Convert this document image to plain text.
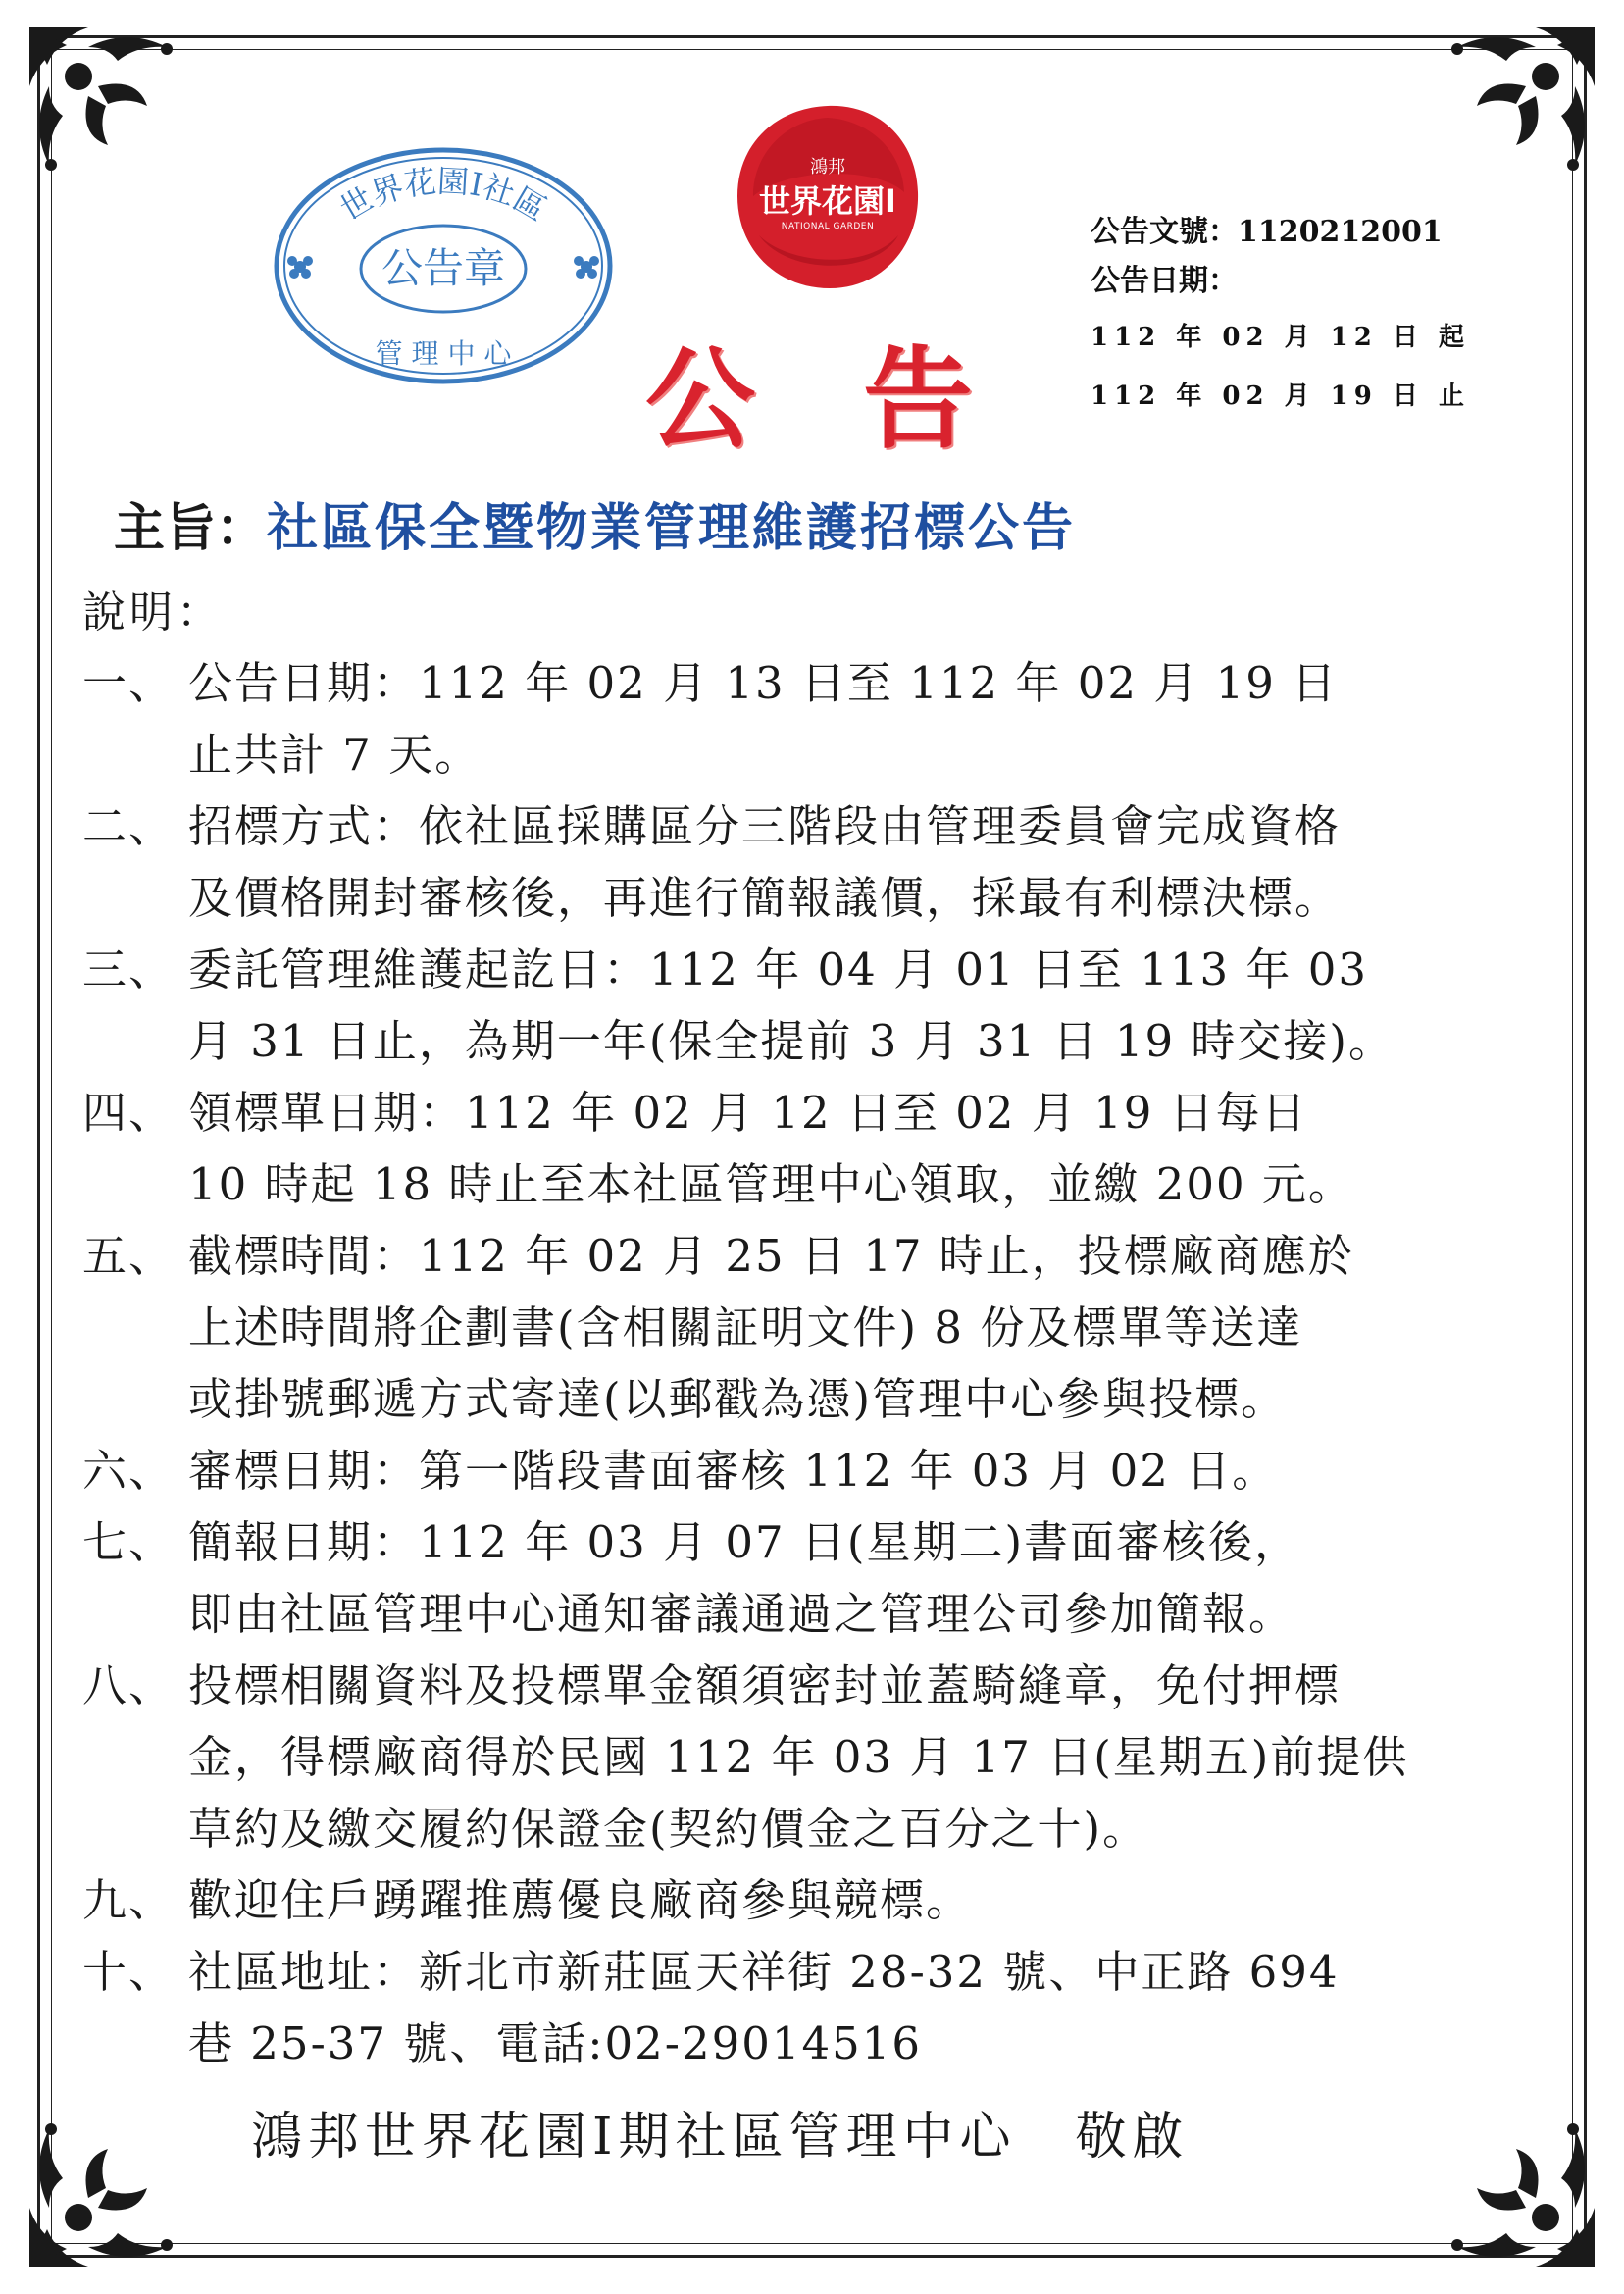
世界花園Ⅰ社區
公告章
管 理 中 心
鴻邦
世界花園Ⅰ
NATIONAL GARDEN
公告
公告文號：1120212001
公告日期：
112 年 02 月 12 日 起
112 年 02 月 19 日 止
主旨：社區保全暨物業管理維護招標公告
說明：
一、 公告日期：112 年 02 月 13 日至 112 年 02 月 19 日
止共計 7 天。
二、 招標方式：依社區採購區分三階段由管理委員會完成資格
及價格開封審核後，再進行簡報議價，採最有利標決標。
三、 委託管理維護起訖日：112 年 04 月 01 日至 113 年 03
月 31 日止，為期一年(保全提前 3 月 31 日 19 時交接)。
四、 領標單日期：112 年 02 月 12 日至 02 月 19 日每日
10 時起 18 時止至本社區管理中心領取，並繳 200 元。
五、 截標時間：112 年 02 月 25 日 17 時止，投標廠商應於
上述時間將企劃書(含相關証明文件) 8 份及標單等送達
或掛號郵遞方式寄達(以郵戳為憑)管理中心參與投標。
六、 審標日期：第一階段書面審核 112 年 03 月 02 日。
七、 簡報日期：112 年 03 月 07 日(星期二)書面審核後，
即由社區管理中心通知審議通過之管理公司參加簡報。
八、 投標相關資料及投標單金額須密封並蓋騎縫章，免付押標
金，得標廠商得於民國 112 年 03 月 17 日(星期五)前提供
草約及繳交履約保證金(契約價金之百分之十)。
九、 歡迎住戶踴躍推薦優良廠商參與競標。
十、 社區地址：新北市新莊區天祥街 28-32 號、中正路 694
巷 25-37 號、電話:02-29014516
鴻邦世界花園Ⅰ期社區管理中心 敬啟
